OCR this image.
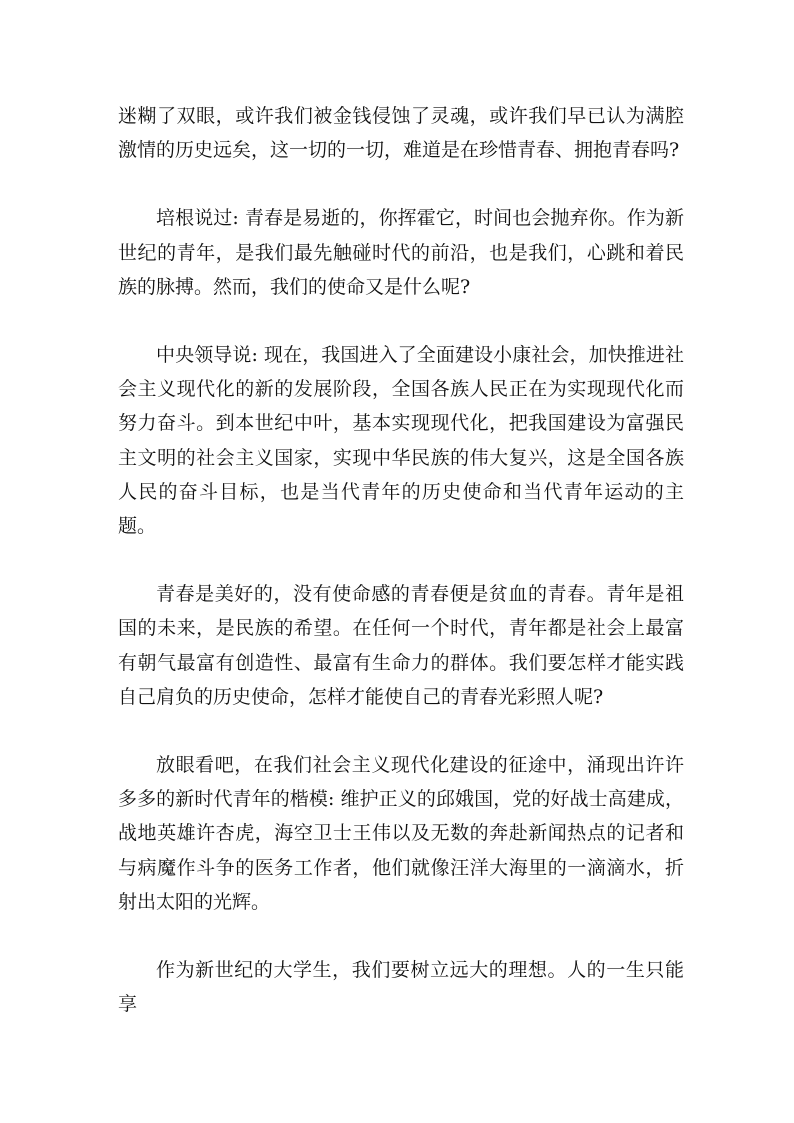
迷糊了双眼，或许我们被金钱侵蚀了灵魂，或许我们早已认为满腔激情的历史远矣，这一切的一切，难道是在珍惜青春、拥抱青春吗?

培根说过: 青春是易逝的，你挥霍它，时间也会抛弃你。作为新世纪的青年，是我们最先触碰时代的前沿，也是我们，心跳和着民族的脉搏。然而，我们的使命又是什么呢?

中央领导说: 现在，我国进入了全面建设小康社会，加快推进社会主义现代化的新的发展阶段，全国各族人民正在为实现现代化而努力奋斗。到本世纪中叶，基本实现现代化，把我国建设为富强民主文明的社会主义国家，实现中华民族的伟大复兴，这是全国各族人民的奋斗目标，也是当代青年的历史使命和当代青年运动的主题。

青春是美好的，没有使命感的青春便是贫血的青春。青年是祖国的未来，是民族的希望。在任何一个时代，青年都是社会上最富有朝气最富有创造性、最富有生命力的群体。我们要怎样才能实践自己肩负的历史使命，怎样才能使自己的青春光彩照人呢?

放眼看吧，在我们社会主义现代化建设的征途中，涌现出许许多多的新时代青年的楷模: 维护正义的邱娥国，党的好战士高建成，战地英雄许杏虎，海空卫士王伟以及无数的奔赴新闻热点的记者和与病魔作斗争的医务工作者，他们就像汪洋大海里的一滴滴水，折射出太阳的光辉。

作为新世纪的大学生，我们要树立远大的理想。人的一生只能享
